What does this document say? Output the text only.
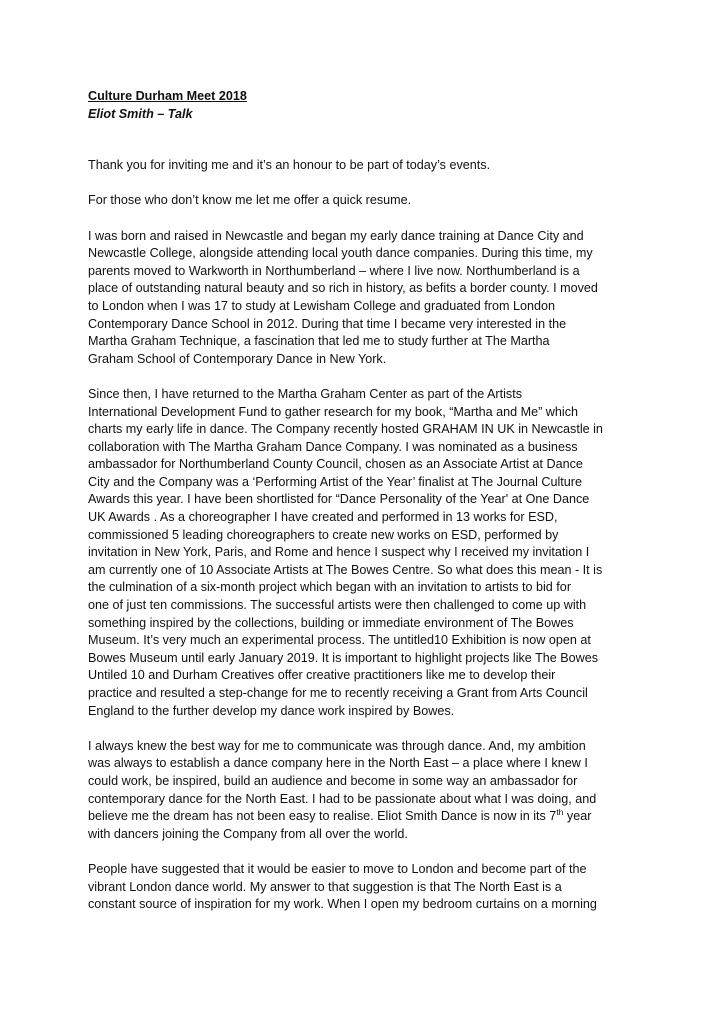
Culture Durham Meet 2018
Eliot Smith – Talk

Thank you for inviting me and it’s an honour to be part of today’s events.

For those who don’t know me let me offer a quick resume.

I was born and raised in Newcastle and began my early dance training at Dance City and
Newcastle College, alongside attending local youth dance companies. During this time, my
parents moved to Warkworth in Northumberland – where I live now. Northumberland is a
place of outstanding natural beauty and so rich in history, as befits a border county. I moved
to London when I was 17 to study at Lewisham College and graduated from London
Contemporary Dance School in 2012. During that time I became very interested in the
Martha Graham Technique, a fascination that led me to study further at The Martha
Graham School of Contemporary Dance in New York.

Since then, I have returned to the Martha Graham Center as part of the Artists
International Development Fund to gather research for my book, “Martha and Me” which
charts my early life in dance. The Company recently hosted GRAHAM IN UK in Newcastle in
collaboration with The Martha Graham Dance Company. I was nominated as a business
ambassador for Northumberland County Council, chosen as an Associate Artist at Dance
City and the Company was a ‘Performing Artist of the Year’ finalist at The Journal Culture
Awards this year. I have been shortlisted for “Dance Personality of the Year' at One Dance
UK Awards . As a choreographer I have created and performed in 13 works for ESD,
commissioned 5 leading choreographers to create new works on ESD, performed by
invitation in New York, Paris, and Rome and hence I suspect why I received my invitation I
am currently one of 10 Associate Artists at The Bowes Centre. So what does this mean - It is
the culmination of a six-month project which began with an invitation to artists to bid for
one of just ten commissions. The successful artists were then challenged to come up with
something inspired by the collections, building or immediate environment of The Bowes
Museum. It’s very much an experimental process. The untitled10 Exhibition is now open at
Bowes Museum until early January 2019. It is important to highlight projects like The Bowes
Untiled 10 and Durham Creatives offer creative practitioners like me to develop their
practice and resulted a step-change for me to recently receiving a Grant from Arts Council
England to the further develop my dance work inspired by Bowes.

I always knew the best way for me to communicate was through dance. And, my ambition
was always to establish a dance company here in the North East – a place where I knew I
could work, be inspired, build an audience and become in some way an ambassador for
contemporary dance for the North East. I had to be passionate about what I was doing, and
believe me the dream has not been easy to realise. Eliot Smith Dance is now in its 7th year
with dancers joining the Company from all over the world.

People have suggested that it would be easier to move to London and become part of the
vibrant London dance world. My answer to that suggestion is that The North East is a
constant source of inspiration for my work. When I open my bedroom curtains on a morning
